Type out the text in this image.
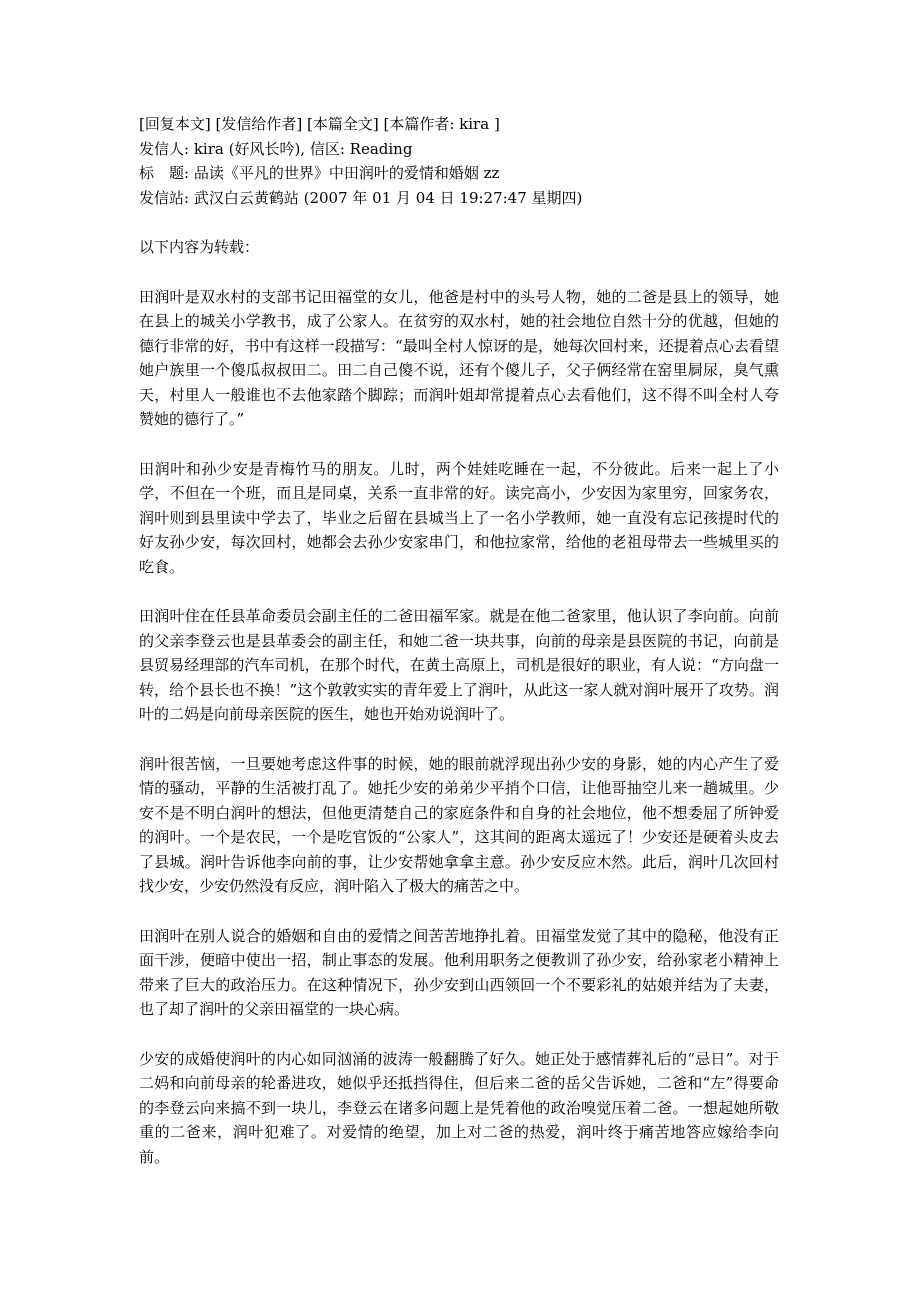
[回复本文] [发信给作者] [本篇全文] [本篇作者: kira ]

发信人: kira (好风长吟), 信区: Reading

标　题: 品读《平凡的世界》中田润叶的爱情和婚姻 zz

发信站: 武汉白云黄鹤站 (2007 年 01 月 04 日 19:27:47 星期四)

以下内容为转载：

田润叶是双水村的支部书记田福堂的女儿，他爸是村中的头号人物，她的二爸是县上的领导，她在县上的城关小学教书，成了公家人。在贫穷的双水村，她的社会地位自然十分的优越，但她的德行非常的好，书中有这样一段描写：“最叫全村人惊讶的是，她每次回村来，还提着点心去看望她户族里一个傻瓜叔叔田二。田二自己傻不说，还有个傻儿子，父子俩经常在窑里屙尿，臭气熏天，村里人一般谁也不去他家踏个脚踪；而润叶姐却常提着点心去看他们，这不得不叫全村人夸赞她的德行了。”

田润叶和孙少安是青梅竹马的朋友。儿时，两个娃娃吃睡在一起，不分彼此。后来一起上了小学，不但在一个班，而且是同桌，关系一直非常的好。读完高小，少安因为家里穷，回家务农，润叶则到县里读中学去了，毕业之后留在县城当上了一名小学教师，她一直没有忘记孩提时代的好友孙少安，每次回村，她都会去孙少安家串门，和他拉家常，给他的老祖母带去一些城里买的吃食。

田润叶住在任县革命委员会副主任的二爸田福军家。就是在他二爸家里，他认识了李向前。向前的父亲李登云也是县革委会的副主任，和她二爸一块共事，向前的母亲是县医院的书记，向前是县贸易经理部的汽车司机，在那个时代，在黄土高原上，司机是很好的职业，有人说：“方向盘一转，给个县长也不换！”这个敦敦实实的青年爱上了润叶，从此这一家人就对润叶展开了攻势。润叶的二妈是向前母亲医院的医生，她也开始劝说润叶了。

润叶很苦恼，一旦要她考虑这件事的时候，她的眼前就浮现出孙少安的身影，她的内心产生了爱情的骚动，平静的生活被打乱了。她托少安的弟弟少平捎个口信，让他哥抽空儿来一趟城里。少安不是不明白润叶的想法，但他更清楚自己的家庭条件和自身的社会地位，他不想委屈了所钟爱的润叶。一个是农民，一个是吃官饭的“公家人”，这其间的距离太遥远了！少安还是硬着头皮去了县城。润叶告诉他李向前的事，让少安帮她拿拿主意。孙少安反应木然。此后，润叶几次回村找少安，少安仍然没有反应，润叶陷入了极大的痛苦之中。

田润叶在别人说合的婚姻和自由的爱情之间苦苦地挣扎着。田福堂发觉了其中的隐秘，他没有正面干涉，便暗中使出一招，制止事态的发展。他利用职务之便教训了孙少安，给孙家老小精神上带来了巨大的政治压力。在这种情况下，孙少安到山西领回一个不要彩礼的姑娘并结为了夫妻，也了却了润叶的父亲田福堂的一块心病。

少安的成婚使润叶的内心如同汹涌的波涛一般翻腾了好久。她正处于感情葬礼后的“忌日”。对于二妈和向前母亲的轮番进攻，她似乎还抵挡得住，但后来二爸的岳父告诉她，二爸和“左”得要命的李登云向来搞不到一块儿，李登云在诸多问题上是凭着他的政治嗅觉压着二爸。一想起她所敬重的二爸来，润叶犯难了。对爱情的绝望，加上对二爸的热爱，润叶终于痛苦地答应嫁给李向前。
